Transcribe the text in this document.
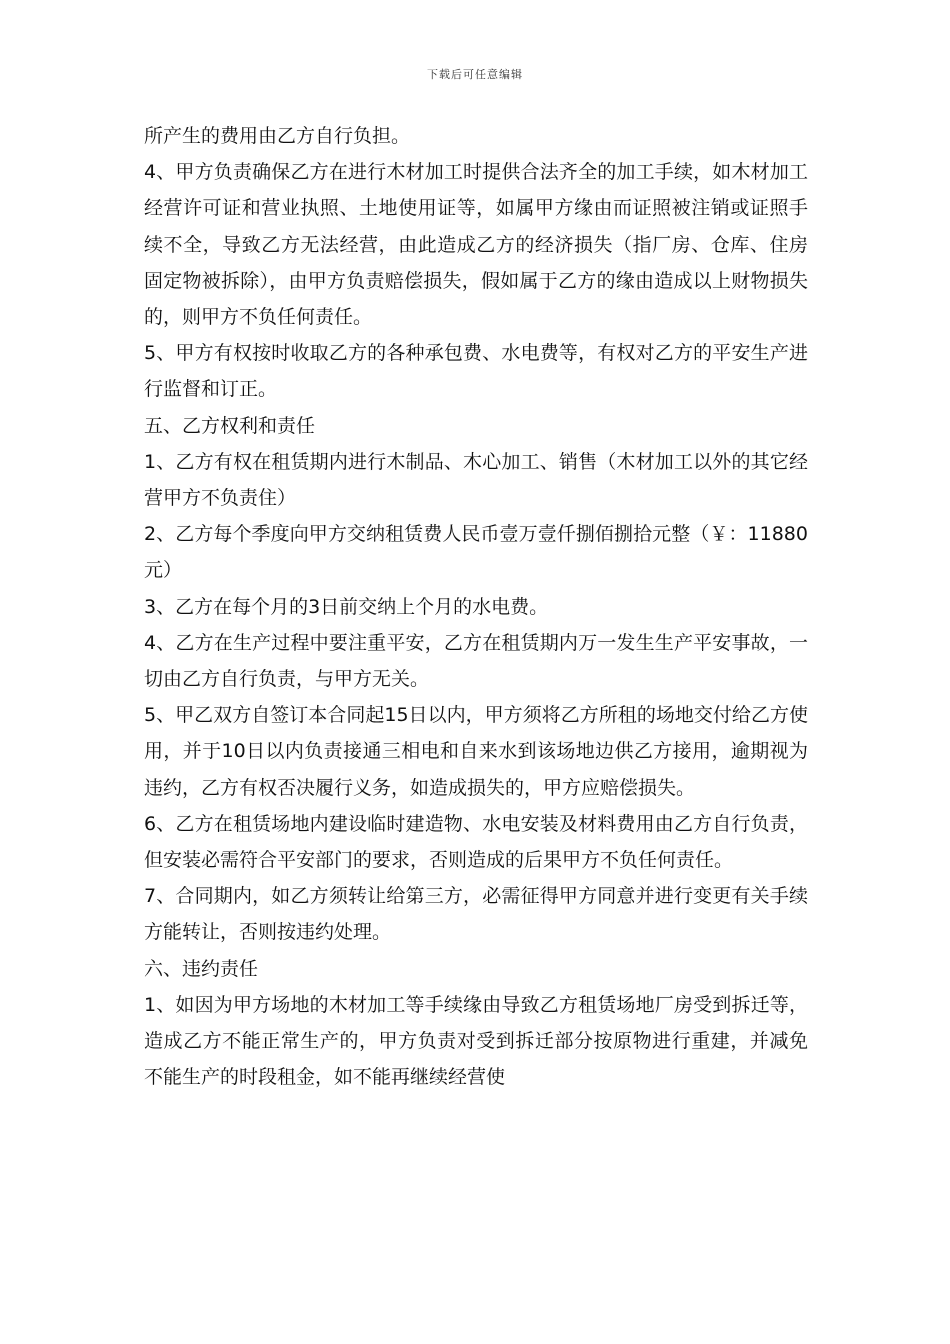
下载后可任意编辑

所产生的费用由乙方自行负担。

4、甲方负责确保乙方在进行木材加工时提供合法齐全的加工手续，如木材加工经营许可证和营业执照、土地使用证等，如属甲方缘由而证照被注销或证照手续不全，导致乙方无法经营，由此造成乙方的经济损失（指厂房、仓库、住房固定物被拆除），由甲方负责赔偿损失，假如属于乙方的缘由造成以上财物损失的，则甲方不负任何责任。

5、甲方有权按时收取乙方的各种承包费、水电费等，有权对乙方的平安生产进行监督和订正。

五、乙方权利和责任

1、乙方有权在租赁期内进行木制品、木心加工、销售（木材加工以外的其它经营甲方不负责住）

2、乙方每个季度向甲方交纳租赁费人民币壹万壹仟捌佰捌拾元整（￥：11880元）

3、乙方在每个月的3日前交纳上个月的水电费。

4、乙方在生产过程中要注重平安，乙方在租赁期内万一发生生产平安事故，一切由乙方自行负责，与甲方无关。

5、甲乙双方自签订本合同起15日以内，甲方须将乙方所租的场地交付给乙方使用，并于10日以内负责接通三相电和自来水到该场地边供乙方接用，逾期视为违约，乙方有权否决履行义务，如造成损失的，甲方应赔偿损失。

6、乙方在租赁场地内建设临时建造物、水电安装及材料费用由乙方自行负责，但安装必需符合平安部门的要求，否则造成的后果甲方不负任何责任。

7、合同期内，如乙方须转让给第三方，必需征得甲方同意并进行变更有关手续方能转让，否则按违约处理。

六、违约责任

1、如因为甲方场地的木材加工等手续缘由导致乙方租赁场地厂房受到拆迁等，造成乙方不能正常生产的，甲方负责对受到拆迁部分按原物进行重建，并减免不能生产的时段租金，如不能再继续经营使
